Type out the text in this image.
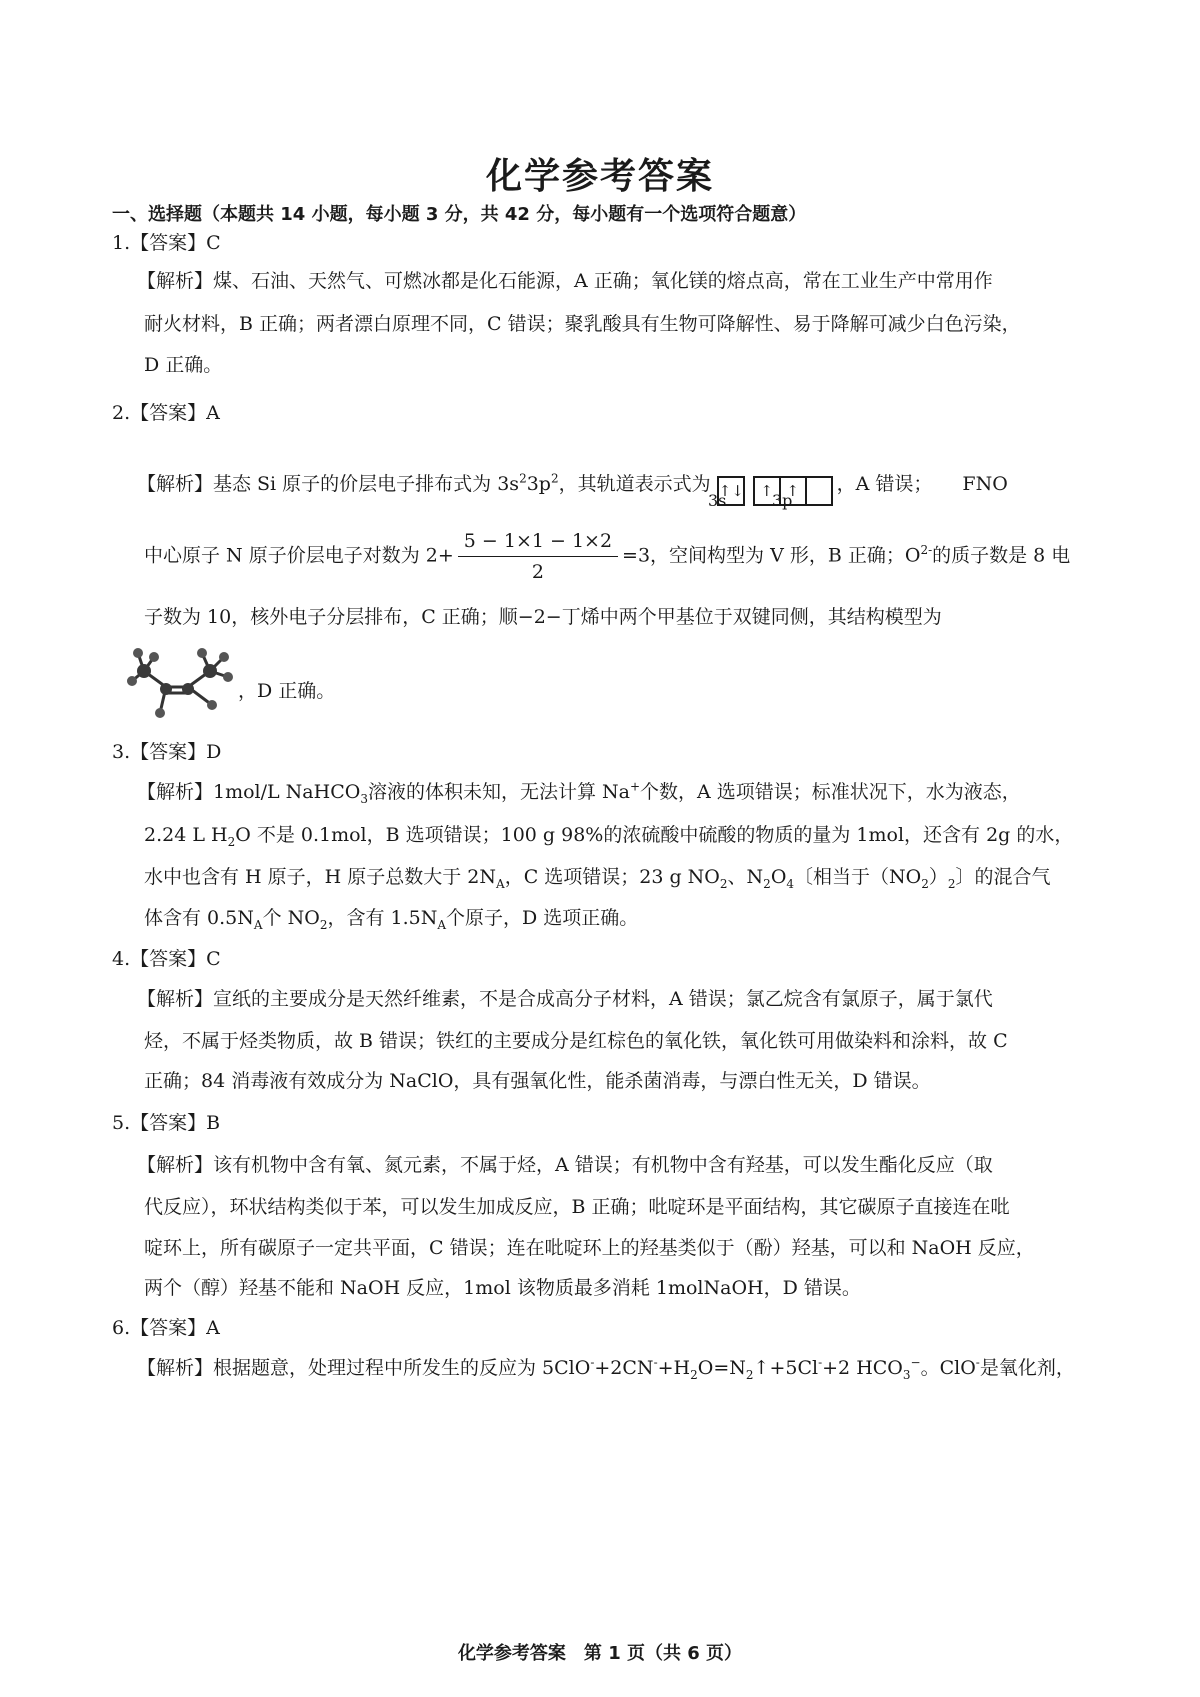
化学参考答案
一、选择题（本题共 14 小题，每小题 3 分，共 42 分，每小题有一个选项符合题意）
1.【答案】C
【解析】煤、石油、天然气、可燃冰都是化石能源，A 正确；氧化镁的熔点高，常在工业生产中常用作
耐火材料，B 正确；两者漂白原理不同，C 错误；聚乳酸具有生物可降解性、易于降解可减少白色污染，
D 正确。
2.【答案】A
【解析】基态 Si 原子的价层电子排布式为 $3s^23p^2$，其轨道表示式为 ↑↓	↑ ↑	，A 错误； FNO
3s	3p
中心原子 N 原子价层电子对数为 $2+ \frac{5 - 1\times 1 - 1\times 2}{2} =3$，空间构型为 V 形，B 正确；$O^{2-}$的质子数是 8 电
子数为 10，核外电子分层排布，C 正确；顺−2−丁烯中两个甲基位于双键同侧，其结构模型为
，D 正确。
3.【答案】D
【解析】1mol/L NaHCO$_3$溶液的体积未知，无法计算 Na+个数，A 选项错误；标准状况下，水为液态，
2.24 L $H_2O$ 不是 0.1mol，B 选项错误；100 g 98%的浓硫酸中硫酸的物质的量为 1mol，还含有 2g 的水，
水中也含有 H 原子，H 原子总数大于 $2N_A$，C 选项错误；23 g $NO_2$、$N_2O_4$〔相当于$(NO_2)_2$〕的混合气
体含有 $0.5N_A$个 $NO_2$，含有 $1.5N_A$个原子，D 选项正确。
4.【答案】C
【解析】宣纸的主要成分是天然纤维素，不是合成高分子材料，A 错误；氯乙烷含有氯原子，属于氯代
烃，不属于烃类物质，故 B 错误；铁红的主要成分是红棕色的氧化铁，氧化铁可用做染料和涂料，故 C
正确；84 消毒液有效成分为 NaClO，具有强氧化性，能杀菌消毒，与漂白性无关，D 错误。
5.【答案】B
【解析】该有机物中含有氧、氮元素，不属于烃，A 错误；有机物中含有羟基，可以发生酯化反应（取
代反应），环状结构类似于苯，可以发生加成反应，B 正确；吡啶环是平面结构，其它碳原子直接连在吡
啶环上，所有碳原子一定共平面，C 错误；连在吡啶环上的羟基类似于（酚）羟基，可以和 NaOH 反应，
两个（醇）羟基不能和 NaOH 反应，1mol 该物质最多消耗 1molNaOH，D 错误。
6.【答案】A
【解析】根据题意，处理过程中所发生的反应为 $5ClO^-+2CN^-+H_2O=N_2↑+5Cl^-+2$ $HCO_3^-$。ClO-是氧化剂，
化学参考答案　第 1 页（共 6 页）
